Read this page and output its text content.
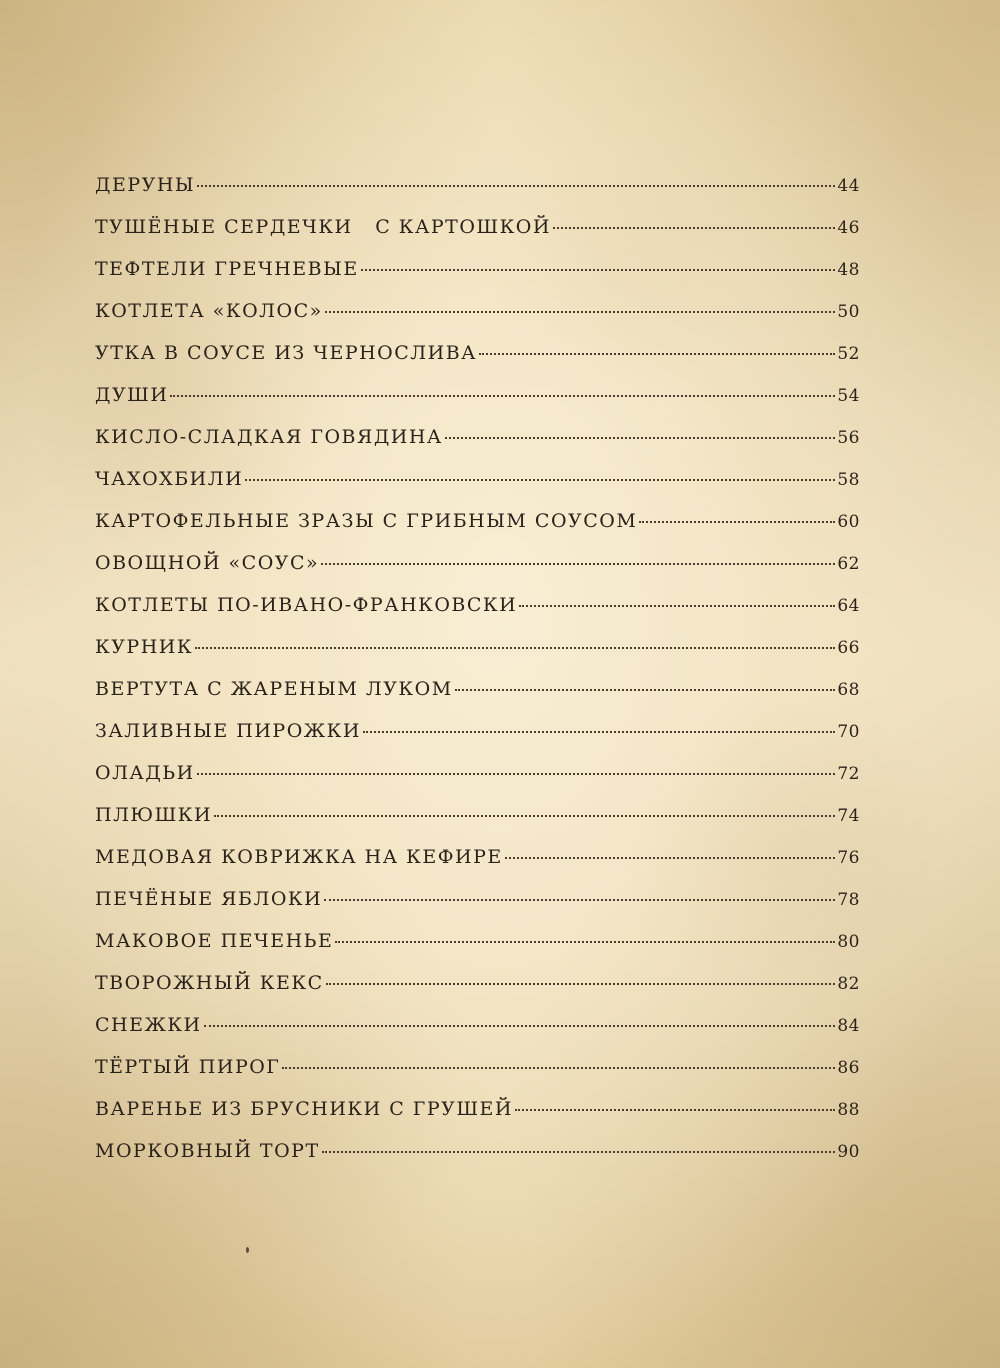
ДЕРУНЫ	44
ТУШЁНЫЕ СЕРДЕЧКИ   С КАРТОШКОЙ	46
ТЕФТЕЛИ ГРЕЧНЕВЫЕ	48
КОТЛЕТА «КОЛОС»	50
УТКА В СОУСЕ ИЗ ЧЕРНОСЛИВА	52
ДУШИ	54
КИСЛО-СЛАДКАЯ ГОВЯДИНА	56
ЧАХОХБИЛИ	58
КАРТОФЕЛЬНЫЕ ЗРАЗЫ С ГРИБНЫМ СОУСОМ	60
ОВОЩНОЙ «СОУС»	62
КОТЛЕТЫ ПО-ИВАНО-ФРАНКОВСКИ	64
КУРНИК	66
ВЕРТУТА С ЖАРЕНЫМ ЛУКОМ	68
ЗАЛИВНЫЕ ПИРОЖКИ	70
ОЛАДЬИ	72
ПЛЮШКИ	74
МЕДОВАЯ КОВРИЖКА НА КЕФИРЕ	76
ПЕЧЁНЫЕ ЯБЛОКИ	78
МАКОВОЕ ПЕЧЕНЬЕ	80
ТВОРОЖНЫЙ КЕКС	82
СНЕЖКИ	84
ТЁРТЫЙ ПИРОГ	86
ВАРЕНЬЕ ИЗ БРУСНИКИ С ГРУШЕЙ	88
МОРКОВНЫЙ ТОРТ	90
